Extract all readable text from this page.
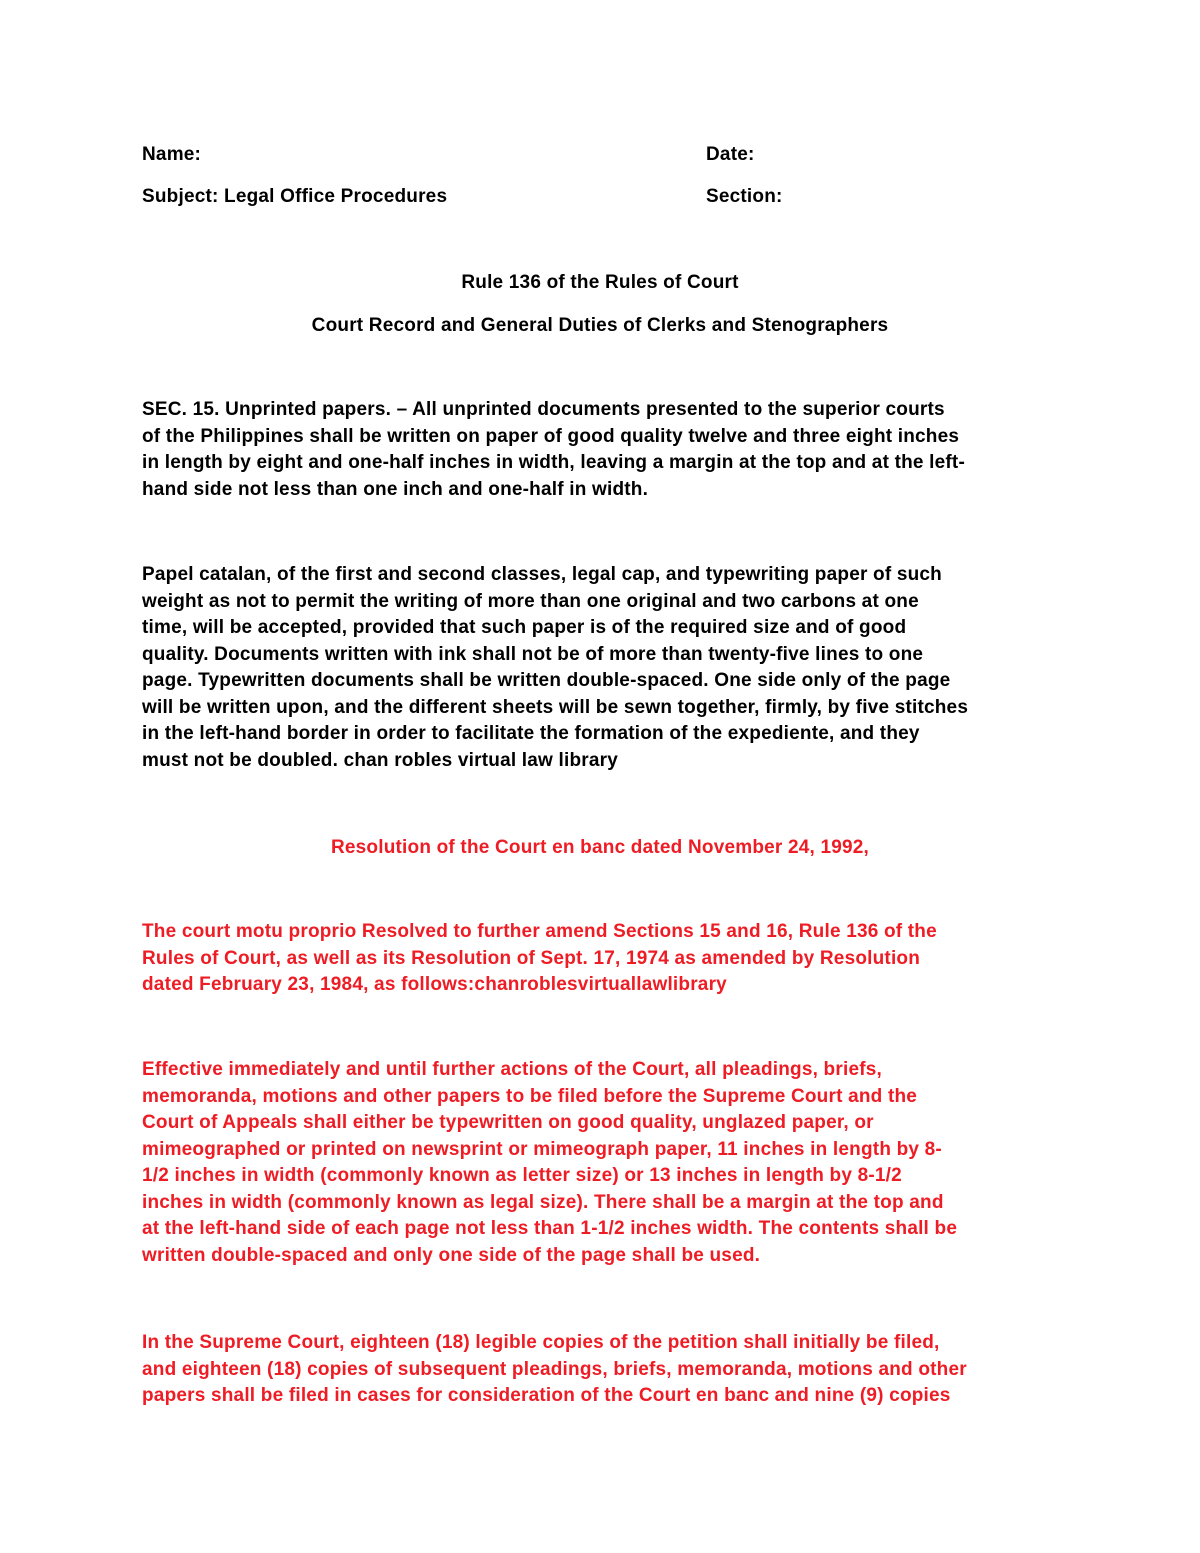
Name:	Date:
Subject: Legal Office Procedures	Section:
Rule 136 of the Rules of Court
Court Record and General Duties of Clerks and Stenographers
SEC. 15. Unprinted papers. – All unprinted documents presented to the superior courts
of the Philippines shall be written on paper of good quality twelve and three eight inches
in length by eight and one-half inches in width, leaving a margin at the top and at the left-
hand side not less than one inch and one-half in width.
Papel catalan, of the first and second classes, legal cap, and typewriting paper of such
weight as not to permit the writing of more than one original and two carbons at one
time, will be accepted, provided that such paper is of the required size and of good
quality. Documents written with ink shall not be of more than twenty-five lines to one
page. Typewritten documents shall be written double-spaced. One side only of the page
will be written upon, and the different sheets will be sewn together, firmly, by five stitches
in the left-hand border in order to facilitate the formation of the expediente, and they
must not be doubled. chan robles virtual law library
Resolution of the Court en banc dated November 24, 1992,
The court motu proprio Resolved to further amend Sections 15 and 16, Rule 136 of the
Rules of Court, as well as its Resolution of Sept. 17, 1974 as amended by Resolution
dated February 23, 1984, as follows:chanroblesvirtuallawlibrary
Effective immediately and until further actions of the Court, all pleadings, briefs,
memoranda, motions and other papers to be filed before the Supreme Court and the
Court of Appeals shall either be typewritten on good quality, unglazed paper, or
mimeographed or printed on newsprint or mimeograph paper, 11 inches in length by 8-
1/2 inches in width (commonly known as letter size) or 13 inches in length by 8-1/2
inches in width (commonly known as legal size). There shall be a margin at the top and
at the left-hand side of each page not less than 1-1/2 inches width. The contents shall be
written double-spaced and only one side of the page shall be used.
In the Supreme Court, eighteen (18) legible copies of the petition shall initially be filed,
and eighteen (18) copies of subsequent pleadings, briefs, memoranda, motions and other
papers shall be filed in cases for consideration of the Court en banc and nine (9) copies
